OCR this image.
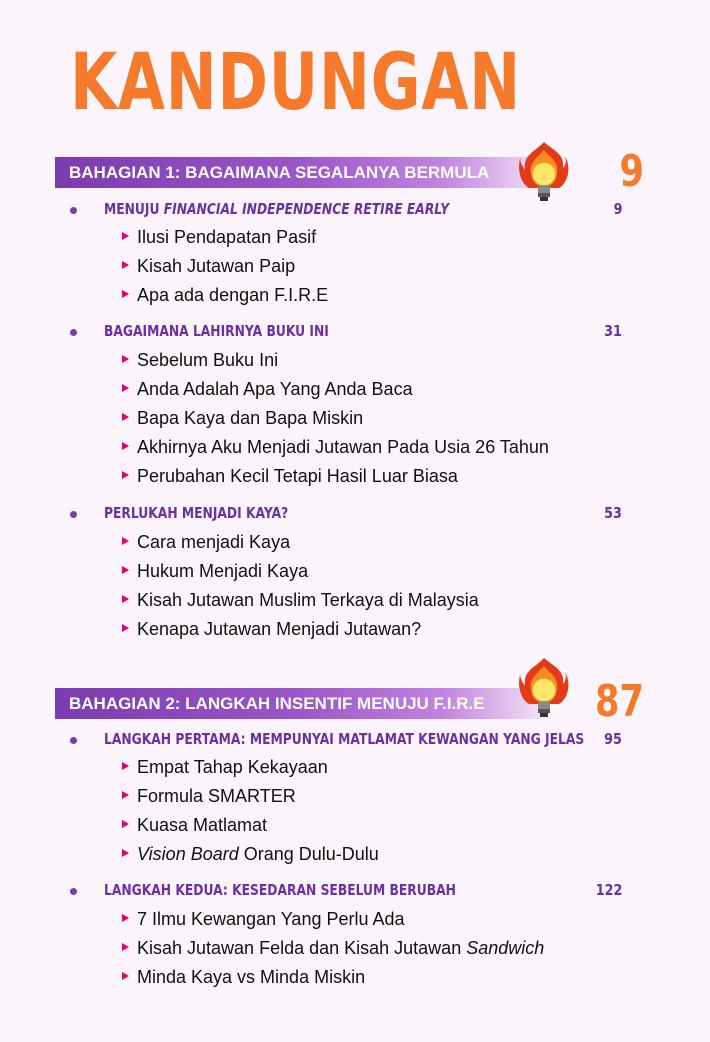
KANDUNGAN
BAHAGIAN 1: BAGAIMANA SEGALANYA BERMULA	9
MENUJU FINANCIAL INDEPENDENCE RETIRE EARLY	9
Ilusi Pendapatan Pasif
Kisah Jutawan Paip
Apa ada dengan F.I.R.E
BAGAIMANA LAHIRNYA BUKU INI	31
Sebelum Buku Ini
Anda Adalah Apa Yang Anda Baca
Bapa Kaya dan Bapa Miskin
Akhirnya Aku Menjadi Jutawan Pada Usia 26 Tahun
Perubahan Kecil Tetapi Hasil Luar Biasa
PERLUKAH MENJADI KAYA?	53
Cara menjadi Kaya
Hukum Menjadi Kaya
Kisah Jutawan Muslim Terkaya di Malaysia
Kenapa Jutawan Menjadi Jutawan?
BAHAGIAN 2: LANGKAH INSENTIF MENUJU F.I.R.E	87
LANGKAH PERTAMA: MEMPUNYAI MATLAMAT KEWANGAN YANG JELAS 95
Empat Tahap Kekayaan
Formula SMARTER
Kuasa Matlamat
Vision Board Orang Dulu-Dulu
LANGKAH KEDUA: KESEDARAN SEBELUM BERUBAH	122
7 Ilmu Kewangan Yang Perlu Ada
Kisah Jutawan Felda dan Kisah Jutawan Sandwich
Minda Kaya vs Minda Miskin
